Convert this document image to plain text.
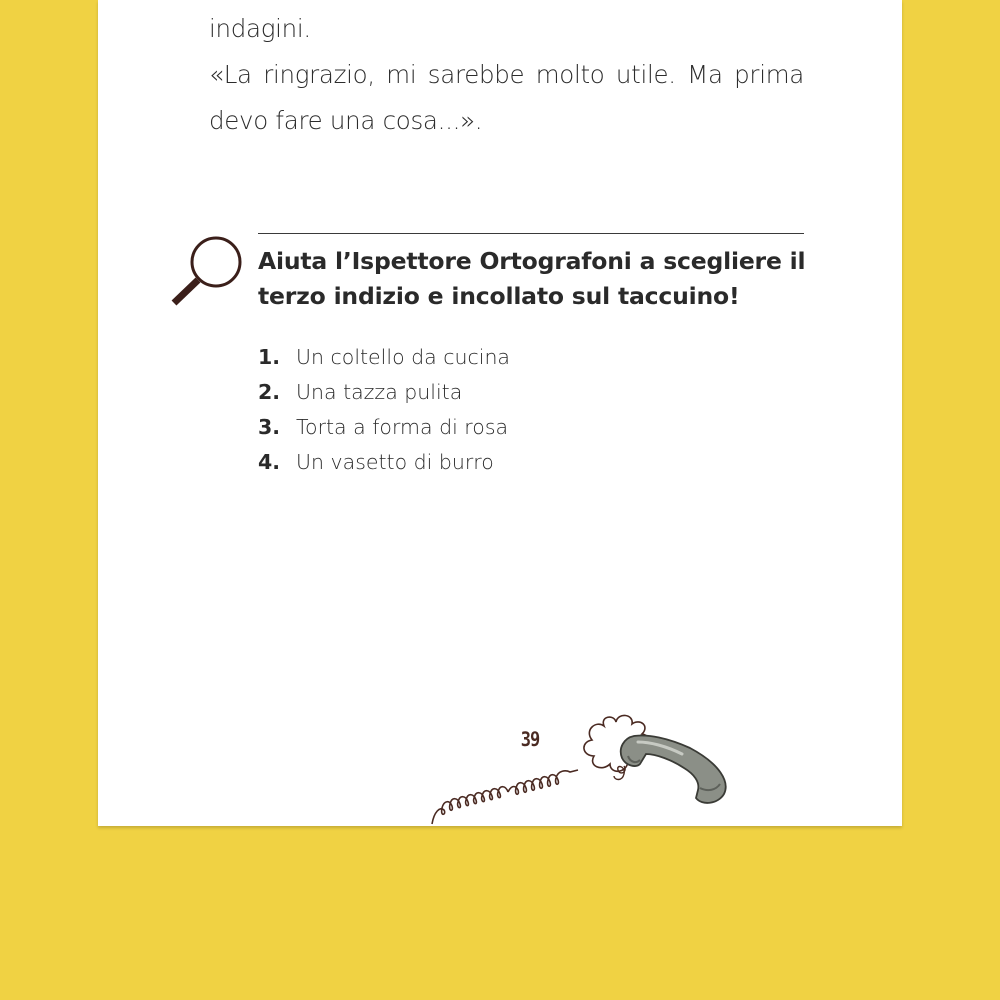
indagini.

«La ringrazio, mi sarebbe molto utile. Ma prima devo fare una cosa...».

Aiuta l’Ispettore Ortografoni a scegliere il terzo indizio e incollato sul taccuino!

1. Un coltello da cucina
2. Una tazza pulita
3. Torta a forma di rosa
4. Un vasetto di burro
39
